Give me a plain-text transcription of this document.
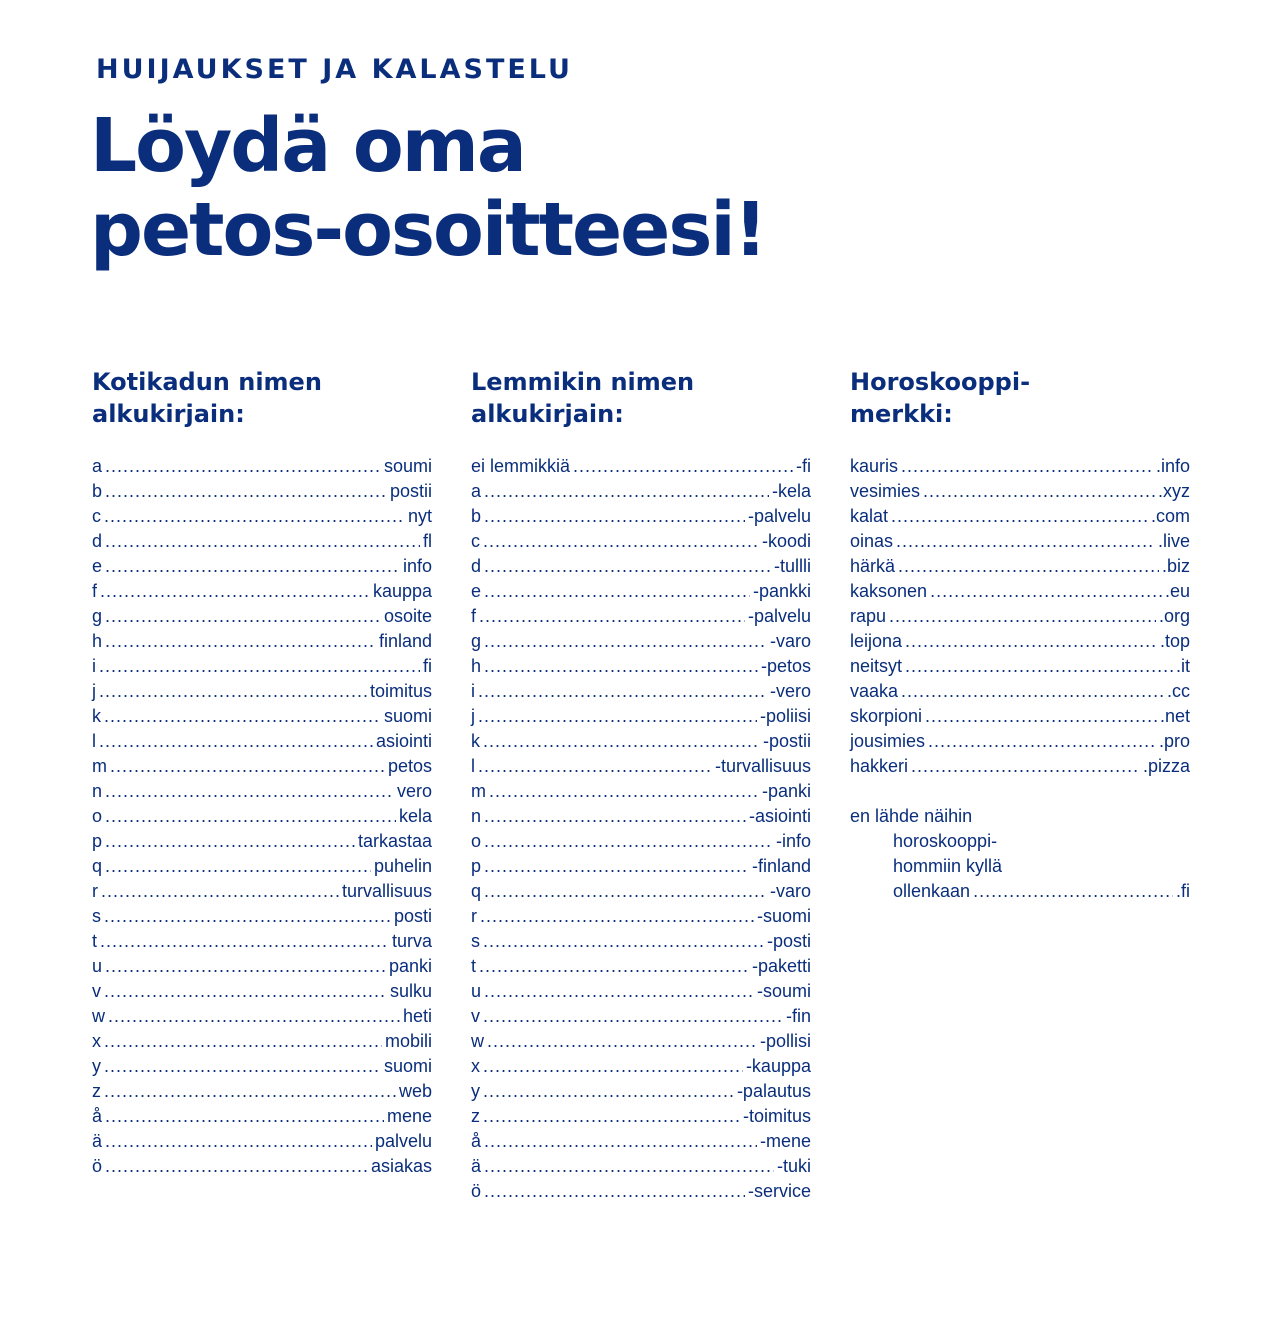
HUIJAUKSET JA KALASTELU
Löydä oma
petos-osoitteesi!
Kotikadun nimen
alkukirjain:
a .....	soumi
b .....	postii
c .....	nyt
d .....	fl
e .....	info
f .....	kauppa
g .....	osoite
h .....	finland
i .....	fi
j .....	toimitus
k .....	suomi
l .....	asiointi
m .....	petos
n .....	vero
o .....	kela
p .....	tarkastaa
q .....	puhelin
r .....	turvallisuus
s .....	posti
t .....	turva
u .....	panki
v .....	sulku
w .....	heti
x .....	mobili
y .....	suomi
z .....	web
å .....	mene
ä .....	palvelu
ö .....	asiakas
Lemmikin nimen
alkukirjain:
ei lemmikkiä .....	-fi
a .....	-kela
b .....	-palvelu
c .....	-koodi
d .....	-tullli
e .....	-pankki
f .....	-palvelu
g .....	-varo
h .....	-petos
i .....	-vero
j .....	-poliisi
k .....	-postii
l .....	-turvallisuus
m .....	-panki
n .....	-asiointi
o .....	-info
p .....	-finland
q .....	-varo
r .....	-suomi
s .....	-posti
t .....	-paketti
u .....	-soumi
v .....	-fin
w .....	-pollisi
x .....	-kauppa
y .....	-palautus
z .....	-toimitus
å .....	-mene
ä .....	-tuki
ö .....	-service
Horoskooppi-
merkki:
kauris .....	.info
vesimies .....	.xyz
kalat .....	.com
oinas .....	.live
härkä .....	.biz
kaksonen .....	.eu
rapu .....	.org
leijona .....	.top
neitsyt .....	.it
vaaka .....	.cc
skorpioni .....	.net
jousimies .....	.pro
hakkeri .....	.pizza
en lähde näihin
horoskooppi-
hommiin kyllä
ollenkaan .....	.fi
